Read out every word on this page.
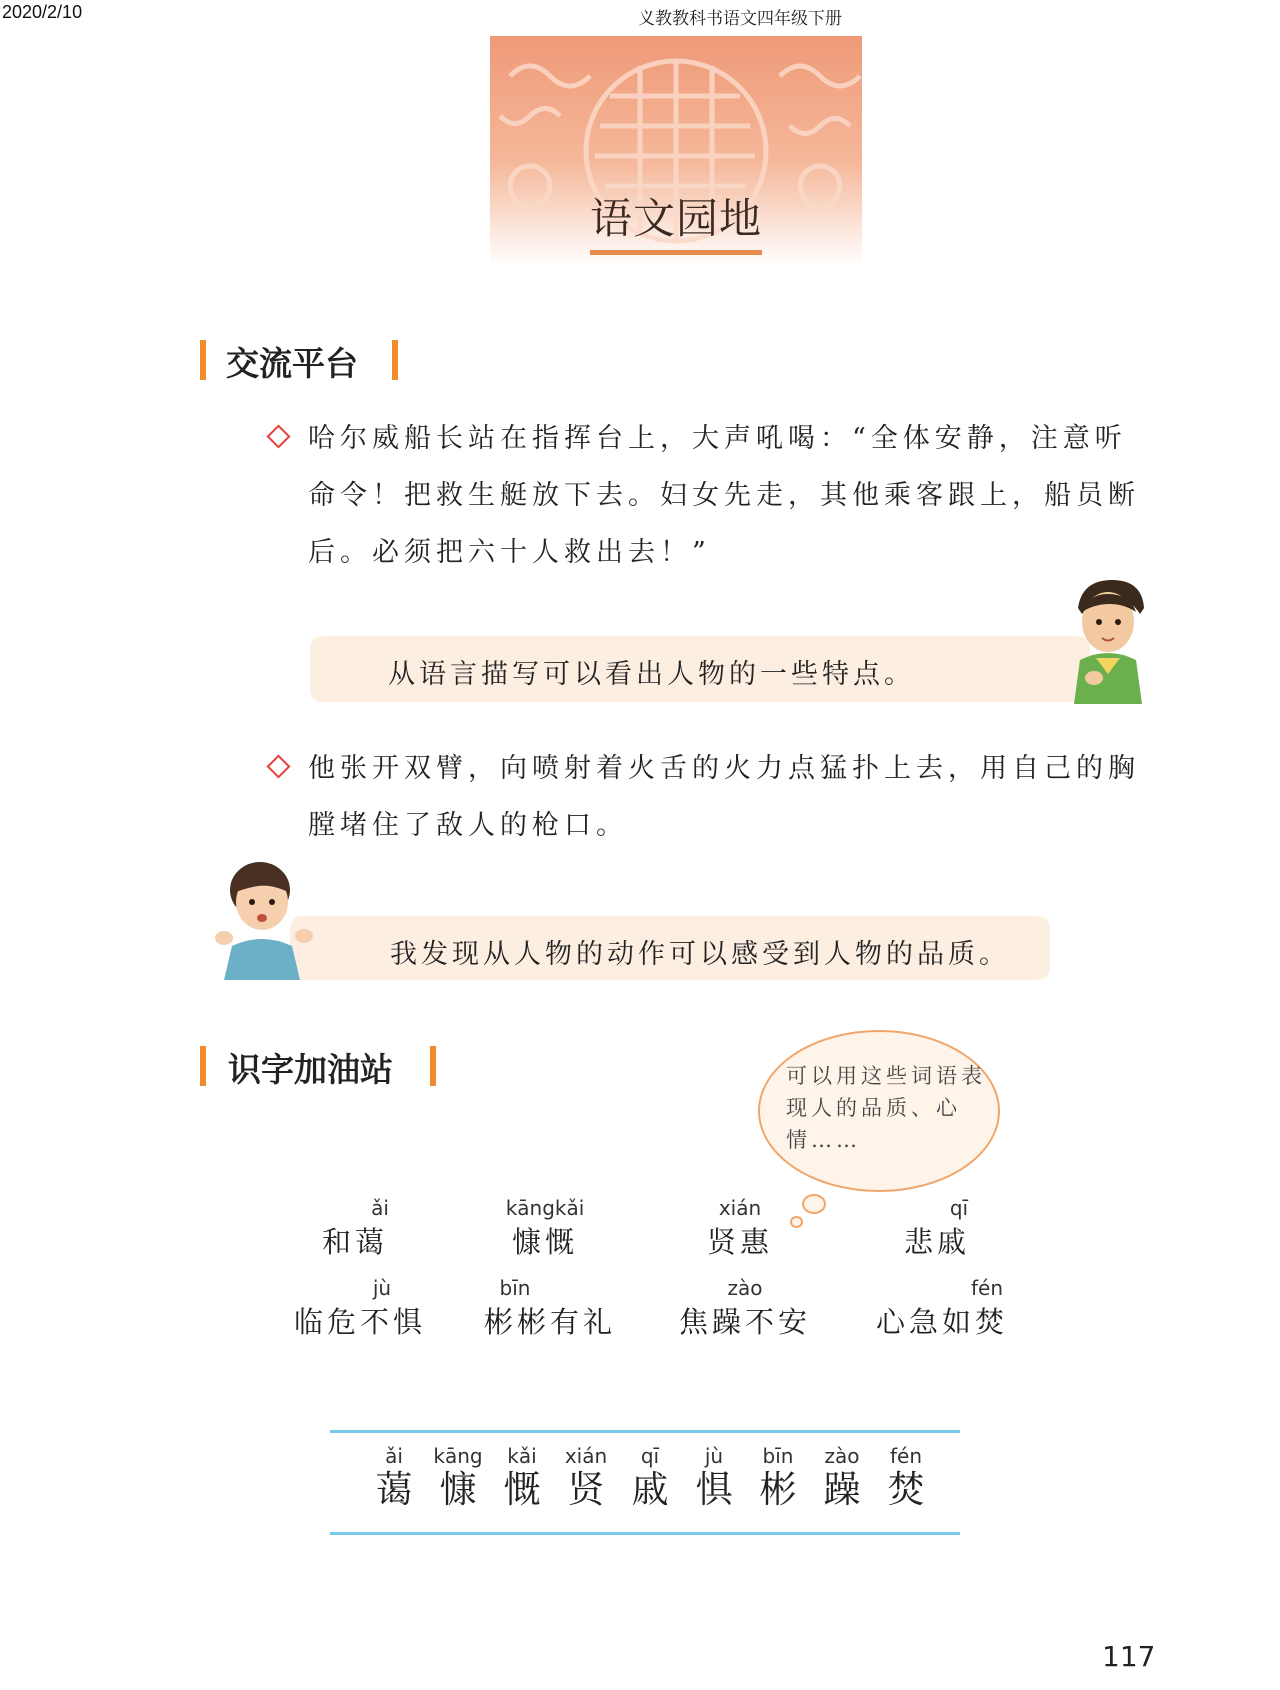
2020/2/10	义教教科书语文四年级下册
语文园地
交流平台
哈尔威船长站在指挥台上，大声吼喝：“全体安静，注意听命令！把救生艇放下去。妇女先走，其他乘客跟上，船员断后。必须把六十人救出去！”
从语言描写可以看出人物的一些特点。
他张开双臂，向喷射着火舌的火力点猛扑上去，用自己的胸膛堵住了敌人的枪口。
我发现从人物的动作可以感受到人物的品质。
识字加油站	可以用这些词语表现人的品质、心情……
ǎi
和蔼
kāngkǎi
慷慨
xián
贤惠
qī
悲戚
jù
临危不惧
bīn
彬彬有礼
zào
焦躁不安
fén
心急如焚
ǎi
蔼
kāng
慷
kǎi
慨
xián
贤
qī
戚
jù
惧
bīn
彬
zào
躁
fén
焚
117
